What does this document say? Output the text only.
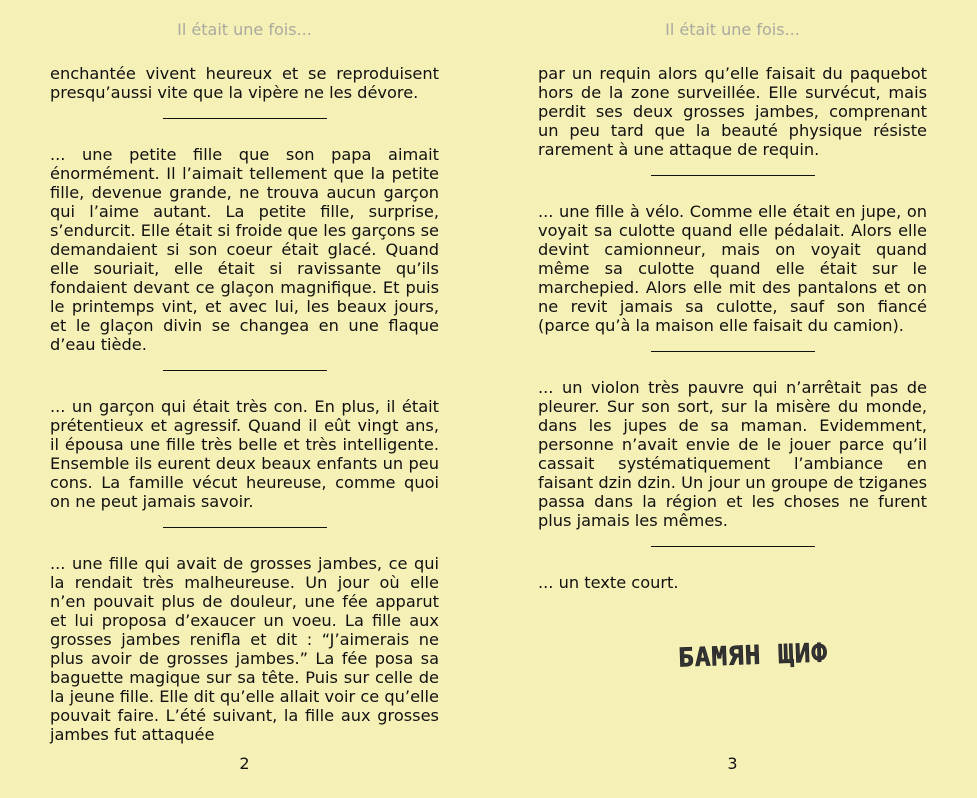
Il était une fois...

enchantée vivent heureux et se reproduisent presqu’aussi vite que la vipère ne les dévore.

... une petite fille que son papa aimait énormément. Il l’aimait tellement que la petite fille, devenue grande, ne trouva aucun garçon qui l’aime autant. La petite fille, surprise, s’endurcit. Elle était si froide que les garçons se demandaient si son coeur était glacé. Quand elle souriait, elle était si ravissante qu’ils fondaient devant ce glaçon magnifique. Et puis le printemps vint, et avec lui, les beaux jours, et le glaçon divin se changea en une flaque d’eau tiède.

... un garçon qui était très con. En plus, il était prétentieux et agressif. Quand il eût vingt ans, il épousa une fille très belle et très intelligente. Ensemble ils eurent deux beaux enfants un peu cons. La famille vécut heureuse, comme quoi on ne peut jamais savoir.

... une fille qui avait de grosses jambes, ce qui la rendait très malheureuse. Un jour où elle n’en pouvait plus de douleur, une fée apparut et lui proposa d’exaucer un voeu. La fille aux grosses jambes renifla et dit : “J’aimerais ne plus avoir de grosses jambes.” La fée posa sa baguette magique sur sa tête. Puis sur celle de la jeune fille. Elle dit qu’elle allait voir ce qu’elle pouvait faire. L’été suivant, la fille aux grosses jambes fut attaquée

2
Il était une fois...

par un requin alors qu’elle faisait du paquebot hors de la zone surveillée. Elle survécut, mais perdit ses deux grosses jambes, comprenant un peu tard que la beauté physique résiste rarement à une attaque de requin.

... une fille à vélo. Comme elle était en jupe, on voyait sa culotte quand elle pédalait. Alors elle devint camionneur, mais on voyait quand même sa culotte quand elle était sur le marchepied. Alors elle mit des pantalons et on ne revit jamais sa culotte, sauf son fiancé (parce qu’à la maison elle faisait du camion).

... un violon très pauvre qui n’arrêtait pas de pleurer. Sur son sort, sur la misère du monde, dans les jupes de sa maman. Evidemment, personne n’avait envie de le jouer parce qu’il cassait systématiquement l’ambiance en faisant dzin dzin. Un jour un groupe de tziganes passa dans la région et les choses ne furent plus jamais les mêmes.

... un texte court.

БАМЯН ЩИФ
3
